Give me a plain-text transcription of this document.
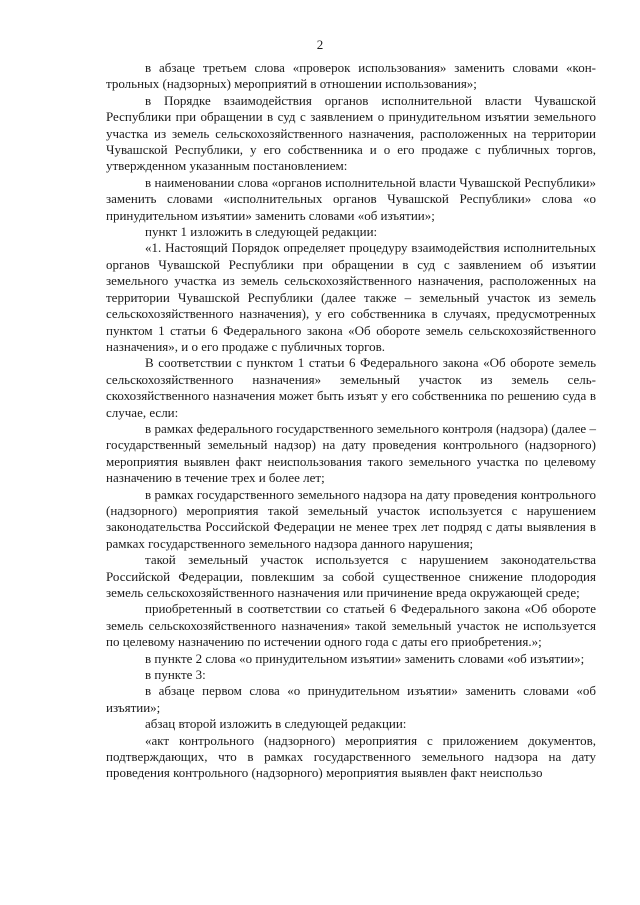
2

в абзаце третьем слова «проверок использования» заменить словами «контрольных (надзорных) мероприятий в отношении использования»;

в Порядке взаимодействия органов исполнительной власти Чувашской Республики при обращении в суд с заявлением о принудительном изъятии земельного участка из земель сельскохозяйственного назначения, расположенных на территории Чувашской Республики, у его собственника и о его продаже с публичных торгов, утвержденном указанным постановлением:

в наименовании слова «органов исполнительной власти Чувашской Республики» заменить словами «исполнительных органов Чувашской Республики» слова «о принудительном изъятии» заменить словами «об изъятии»;

пункт 1 изложить в следующей редакции:

«1. Настоящий Порядок определяет процедуру взаимодействия исполнительных органов Чувашской Республики при обращении в суд с заявлением об изъятии земельного участка из земель сельскохозяйственного назначения, расположенных на территории Чувашской Республики (далее также – земельный участок из земель сельскохозяйственного назначения), у его собственника в случаях, предусмотренных пунктом 1 статьи 6 Федерального закона «Об обороте земель сельскохозяйственного назначения», и о его продаже с публичных торгов.

В соответствии с пунктом 1 статьи 6 Федерального закона «Об обороте земель сельскохозяйственного назначения» земельный участок из земель сельскохозяйственного назначения может быть изъят у его собственника по решению суда в случае, если:

в рамках федерального государственного земельного контроля (надзора) (далее – государственный земельный надзор) на дату проведения контрольного (надзорного) мероприятия выявлен факт неиспользования такого земельного участка по целевому назначению в течение трех и более лет;

в рамках государственного земельного надзора на дату проведения контрольного (надзорного) мероприятия такой земельный участок используется с нарушением законодательства Российской Федерации не менее трех лет подряд с даты выявления в рамках государственного земельного надзора данного нарушения;

такой земельный участок используется с нарушением законодательства Российской Федерации, повлекшим за собой существенное снижение плодородия земель сельскохозяйственного назначения или причинение вреда окружающей среде;

приобретенный в соответствии со статьей 6 Федерального закона «Об обороте земель сельскохозяйственного назначения» такой земельный участок не используется по целевому назначению по истечении одного года с даты его приобретения.»;

в пункте 2 слова «о принудительном изъятии» заменить словами «об изъятии»;

в пункте 3:

в абзаце первом слова «о принудительном изъятии» заменить словами «об изъятии»;

абзац второй изложить в следующей редакции:

«акт контрольного (надзорного) мероприятия с приложением документов, подтверждающих, что в рамках государственного земельного надзора на дату проведения контрольного (надзорного) мероприятия выявлен факт неиспользо
